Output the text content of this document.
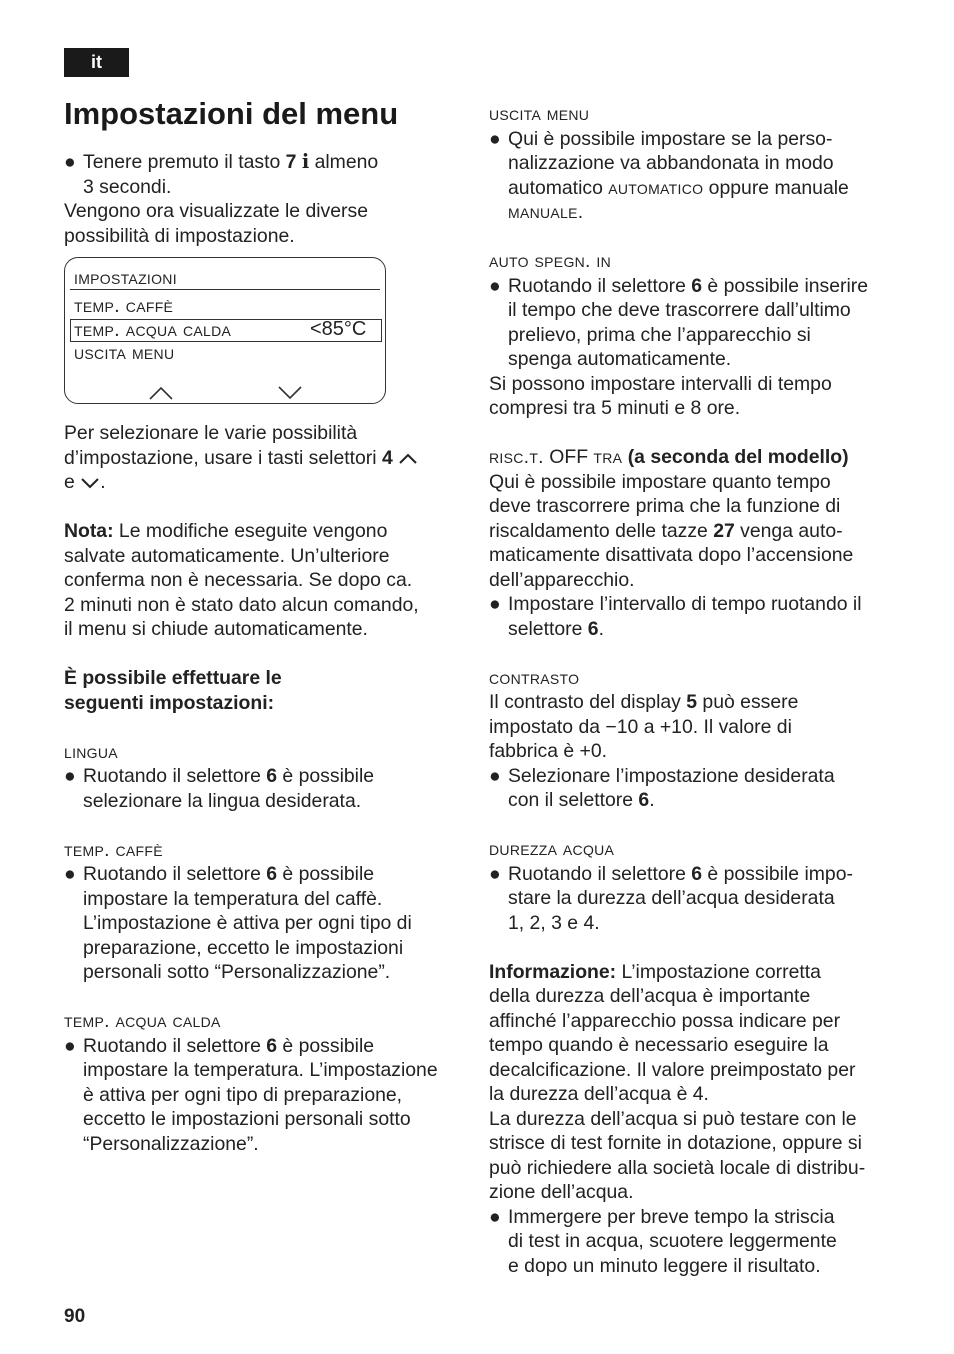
it
Impostazioni del menu
● Tenere premuto il tasto 7 i almeno
3 secondi.
Vengono ora visualizzate le diverse
possibilità di impostazione.
impostazioni
temp. caffè
temp. acqua calda	<85°C
uscita menu
Per selezionare le varie possibilità
d’impostazione, usare i tasti selettori 4
e .
Nota: Le modifiche eseguite vengono
salvate automaticamente. Un’ulteriore
conferma non è necessaria. Se dopo ca.
2 minuti non è stato dato alcun comando,
il menu si chiude automaticamente.
È possibile effettuare le
seguenti impostazioni:
lingua
● Ruotando il selettore 6 è possibile
selezionare la lingua desiderata.
temp. caffè
● Ruotando il selettore 6 è possibile
impostare la temperatura del caffè.
L’impostazione è attiva per ogni tipo di
preparazione, eccetto le impostazioni
personali sotto “Personalizzazione”.
temp. acqua calda
● Ruotando il selettore 6 è possibile
impostare la temperatura. L’impostazione
è attiva per ogni tipo di preparazione,
eccetto le impostazioni personali sotto
“Personalizzazione”.
uscita menu
● Qui è possibile impostare se la perso-
nalizzazione va abbandonata in modo
automatico automatico oppure manuale
manuale.
auto spegn. in
● Ruotando il selettore 6 è possibile inserire
il tempo che deve trascorrere dall’ultimo
prelievo, prima che l’apparecchio si
spenga automaticamente.
Si possono impostare intervalli di tempo
compresi tra 5 minuti e 8 ore.
risc.t. OFF tra (a seconda del modello)
Qui è possibile impostare quanto tempo
deve trascorrere prima che la funzione di
riscaldamento delle tazze 27 venga auto-
maticamente disattivata dopo l’accensione
dell’apparecchio.
● Impostare l’intervallo di tempo ruotando il
selettore 6.
contrasto
Il contrasto del display 5 può essere
impostato da −10 a +10. Il valore di
fabbrica è +0.
● Selezionare l’impostazione desiderata
con il selettore 6.
durezza acqua
● Ruotando il selettore 6 è possibile impo-
stare la durezza dell’acqua desiderata
1, 2, 3 e 4.
Informazione: L’impostazione corretta
della durezza dell’acqua è importante
affinché l’apparecchio possa indicare per
tempo quando è necessario eseguire la
decalcificazione. Il valore preimpostato per
la durezza dell’acqua è 4.
La durezza dell’acqua si può testare con le
strisce di test fornite in dotazione, oppure si
può richiedere alla società locale di distribu-
zione dell’acqua.
● Immergere per breve tempo la striscia
di test in acqua, scuotere leggermente
e dopo un minuto leggere il risultato.
90
